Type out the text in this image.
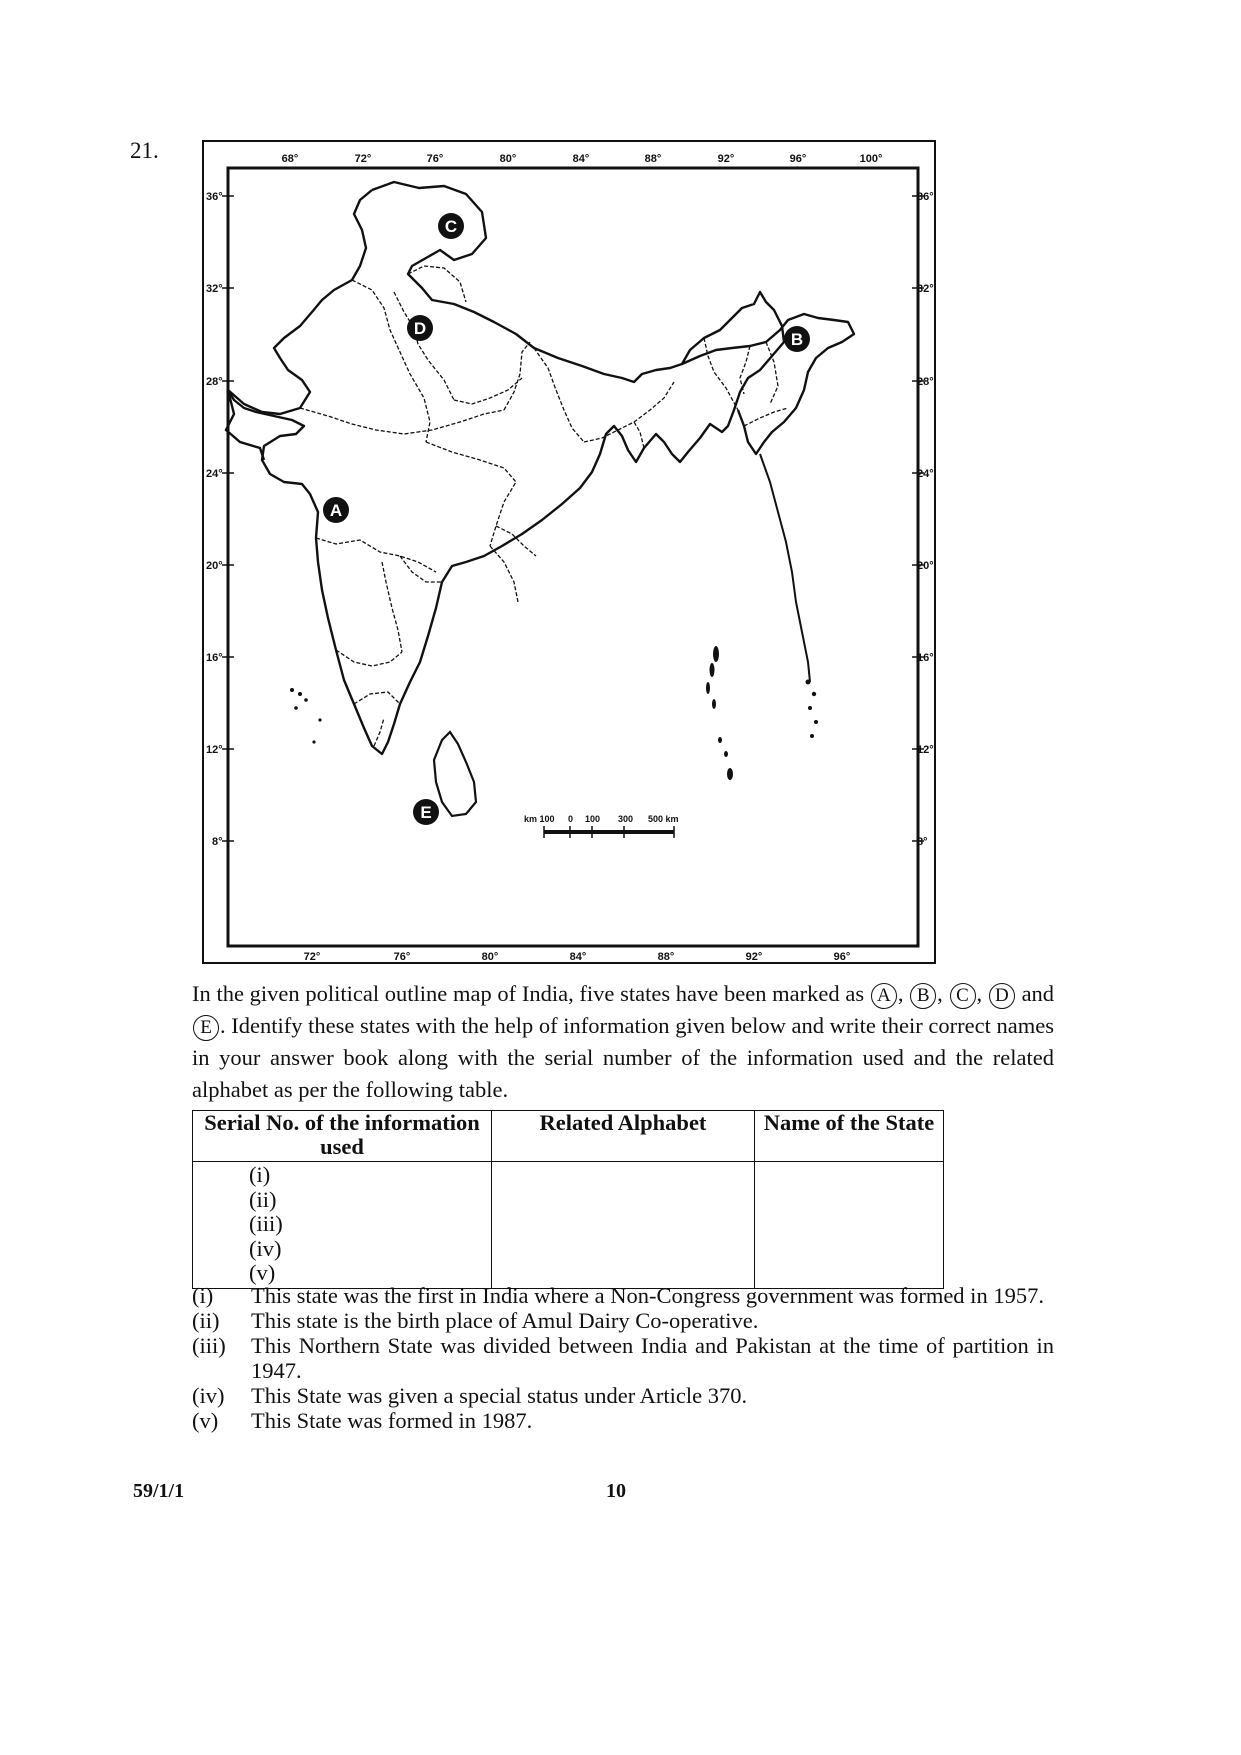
21.	68°	72°	76°	80°	84°	88°	92°	96°	100°
72°	76°	80°	84°	88°	92°	96°
36°
32°
28°
24°
20°
16°
12°
8°
36°
32°
28°
24°
20°
16°
12°
8°
km 100 0 100 300 500 km
A
B
C
D
E
In the given political outline map of India, five states have been marked as A , B , C , D and E . Identify these states with the help of information given below and write their correct names in your answer book along with the serial number of the information used and the related alphabet as per the following table.
Serial No. of the information used	Related Alphabet	Name of the State

(i)
(ii)
(iii)
(iv)
(v)		

(i)	This state was the first in India where a Non-Congress government was formed in 1957.
(ii)	This state is the birth place of Amul Dairy Co-operative.
(iii)	This Northern State was divided between India and Pakistan at the time of partition in 1947.
(iv)	This State was given a special status under Article 370.
(v)	This State was formed in 1987.
59/1/1	10
